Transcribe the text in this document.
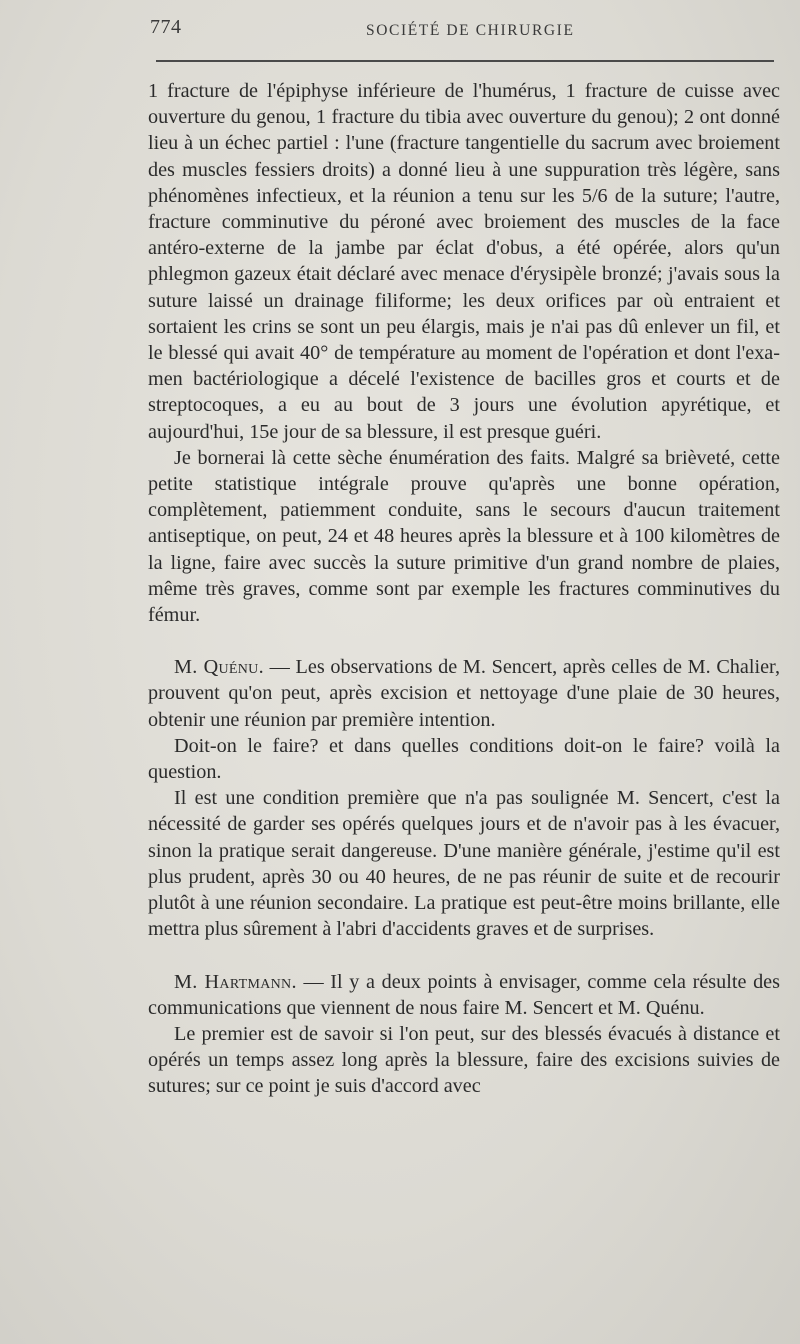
774	SOCIÉTÉ DE CHIRURGIE

1 fracture de l'épiphyse inférieure de l'humérus, 1 fracture de cuisse avec ouverture du genou, 1 fracture du tibia avec ouverture du genou); 2 ont donné lieu à un échec partiel : l'une (fracture tangentielle du sacrum avec broiement des muscles fessiers droits) a donné lieu à une suppuration très légère, sans phénomènes infectieux, et la réunion a tenu sur les 5/6 de la suture; l'autre, fracture comminutive du péroné avec broiement des muscles de la face antéro-externe de la jambe par éclat d'obus, a été opérée, alors qu'un phlegmon gazeux était déclaré avec menace d'érysipèle bronzé; j'avais sous la suture laissé un drainage filiforme; les deux orifices par où entraient et sortaient les crins se sont un peu élargis, mais je n'ai pas dû enlever un fil, et le blessé qui avait 40° de température au moment de l'opération et dont l'examen bactériologique a décelé l'existence de bacilles gros et courts et de streptocoques, a eu au bout de 3 jours une évolution apyrétique, et aujourd'hui, 15e jour de sa blessure, il est presque guéri.

Je bornerai là cette sèche énumération des faits. Malgré sa brièveté, cette petite statistique intégrale prouve qu'après une bonne opération, complètement, patiemment conduite, sans le secours d'aucun traitement antiseptique, on peut, 24 et 48 heures après la blessure et à 100 kilomètres de la ligne, faire avec succès la suture primitive d'un grand nombre de plaies, même très graves, comme sont par exemple les fractures comminutives du fémur.

M. Quénu. — Les observations de M. Sencert, après celles de M. Chalier, prouvent qu'on peut, après excision et nettoyage d'une plaie de 30 heures, obtenir une réunion par première intention.

Doit-on le faire? et dans quelles conditions doit-on le faire? voilà la question.

Il est une condition première que n'a pas soulignée M. Sencert, c'est la nécessité de garder ses opérés quelques jours et de n'avoir pas à les évacuer, sinon la pratique serait dangereuse. D'une manière générale, j'estime qu'il est plus prudent, après 30 ou 40 heures, de ne pas réunir de suite et de recourir plutôt à une réunion secondaire. La pratique est peut-être moins brillante, elle mettra plus sûrement à l'abri d'accidents graves et de surprises.

M. Hartmann. — Il y a deux points à envisager, comme cela résulte des communications que viennent de nous faire M. Sencert et M. Quénu.

Le premier est de savoir si l'on peut, sur des blessés évacués à distance et opérés un temps assez long après la blessure, faire des excisions suivies de sutures; sur ce point je suis d'accord avec
